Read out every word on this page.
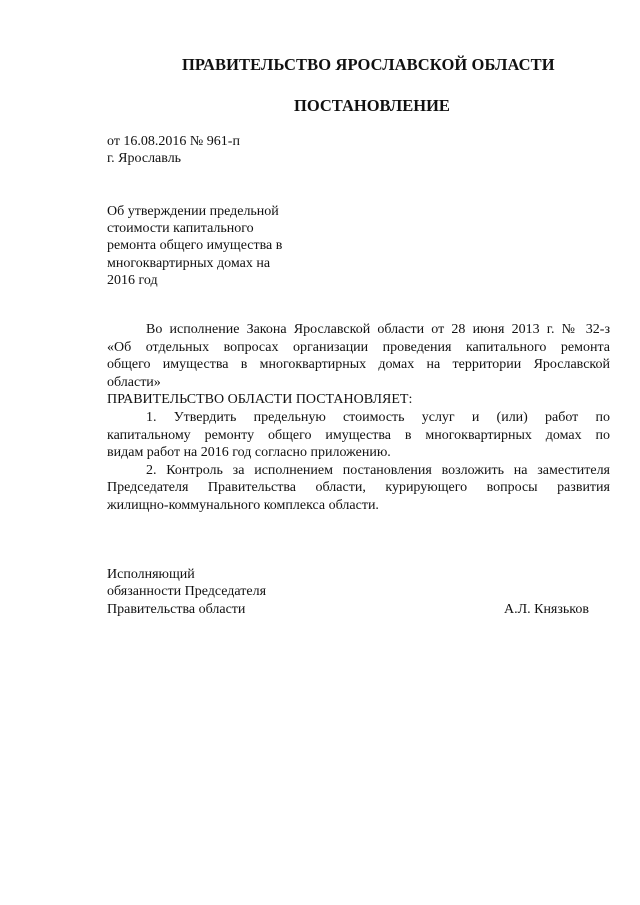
ПРАВИТЕЛЬСТВО ЯРОСЛАВСКОЙ ОБЛАСТИ
ПОСТАНОВЛЕНИЕ
от 16.08.2016 № 961-п
г. Ярославль
Об утверждении предельной
стоимости капитального
ремонта общего имущества в
многоквартирных домах на
2016 год
Во исполнение Закона Ярославской области от 28 июня 2013 г. № 32-з
«Об отдельных вопросах организации проведения капитального ремонта
общего имущества в многоквартирных домах на территории Ярославской
области»
ПРАВИТЕЛЬСТВО ОБЛАСТИ ПОСТАНОВЛЯЕТ:
1. Утвердить предельную стоимость услуг и (или) работ по
капитальному ремонту общего имущества в многоквартирных домах по
видам работ на 2016 год согласно приложению.
2. Контроль за исполнением постановления возложить на заместителя
Председателя Правительства области, курирующего вопросы развития
жилищно-коммунального комплекса области.
Исполняющий
обязанности Председателя
Правительства области	А.Л. Князьков
